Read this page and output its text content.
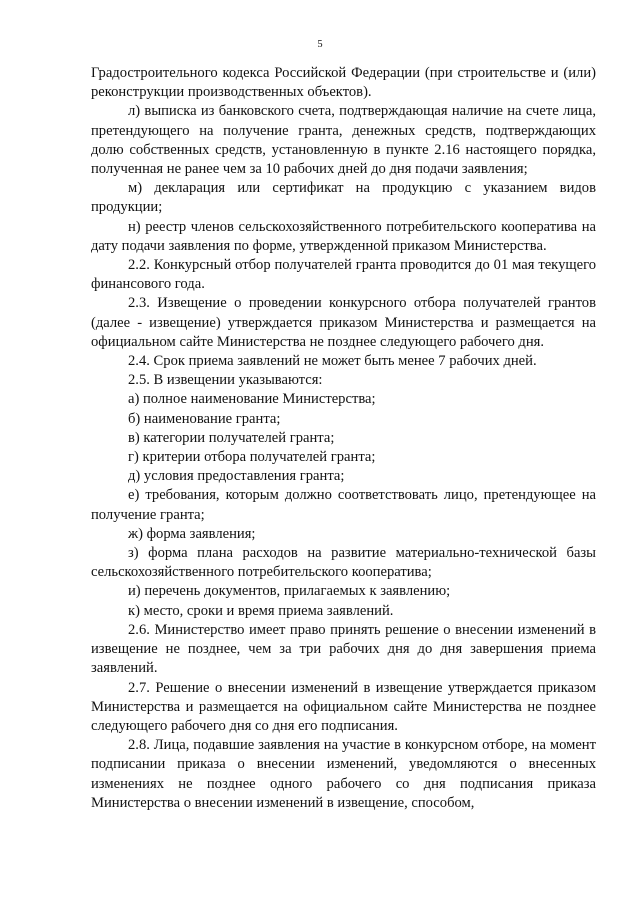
5

Градостроительного кодекса Российской Федерации (при строительстве и (или) реконструкции производственных объектов).

л) выписка из банковского счета, подтверждающая наличие на счете лица, претендующего на получение гранта, денежных средств, подтверждающих долю собственных средств, установленную в пункте 2.16 настоящего порядка, полученная не ранее чем за 10 рабочих дней до дня подачи заявления;

м) декларация или сертификат на продукцию с указанием видов продукции;

н) реестр членов сельскохозяйственного потребительского кооператива на дату подачи заявления по форме, утвержденной приказом Министерства.

2.2. Конкурсный отбор получателей гранта проводится до 01 мая текущего финансового года.

2.3. Извещение о проведении конкурсного отбора получателей грантов (далее - извещение) утверждается приказом Министерства и размещается на официальном сайте Министерства не позднее следующего рабочего дня.

2.4. Срок приема заявлений не может быть менее 7 рабочих дней.

2.5. В извещении указываются:

а) полное наименование Министерства;

б) наименование гранта;

в) категории получателей гранта;

г) критерии отбора получателей гранта;

д) условия предоставления гранта;

е) требования, которым должно соответствовать лицо, претендующее на получение гранта;

ж) форма заявления;

з) форма плана расходов на развитие материально-технической базы сельскохозяйственного потребительского кооператива;

и) перечень документов, прилагаемых к заявлению;

к) место, сроки и время приема заявлений.

2.6. Министерство имеет право принять решение о внесении изменений в извещение не позднее, чем за три рабочих дня до дня завершения приема заявлений.

2.7. Решение о внесении изменений в извещение утверждается приказом Министерства и размещается на официальном сайте Министерства не позднее следующего рабочего дня со дня его подписания.

2.8. Лица, подавшие заявления на участие в конкурсном отборе, на момент подписании приказа о внесении изменений, уведомляются о внесенных изменениях не позднее одного рабочего со дня подписания приказа Министерства о внесении изменений в извещение, способом,
